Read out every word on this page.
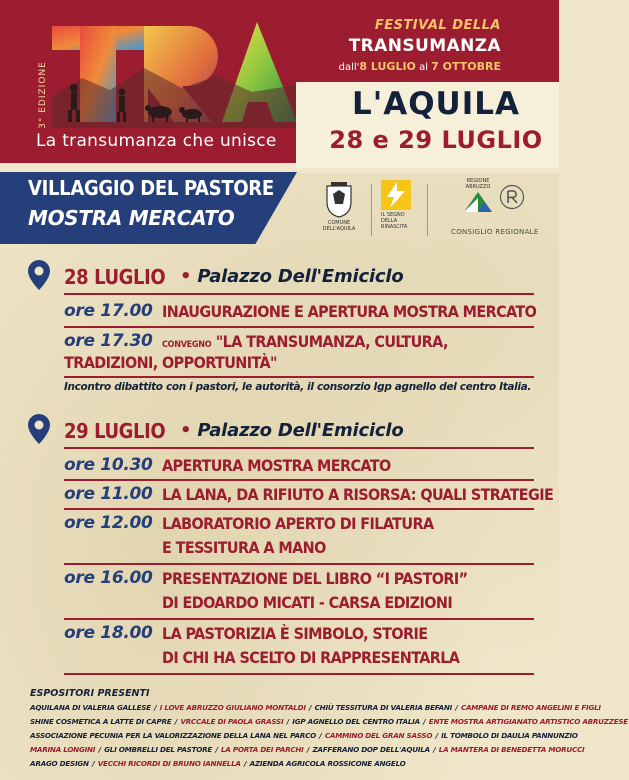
3° EDIZIONE
La transumanza che unisce
FESTIVAL DELLA
TRANSUMANZA
dall'8 LUGLIO al 7 OTTOBRE
L'AQUILA
28 e 29 LUGLIO
VILLAGGIO DEL PASTORE
MOSTRA MERCATO	COMUNE DELL'AQUILA
IL SEGNO
DELLA
RINASCITA
REGIONE
ABRUZZO
CONSIGLIO REGIONALE
28 LUGLIO • Palazzo Dell'Emiciclo
ore 17.00 INAUGURAZIONE E APERTURA MOSTRA MERCATO
ore 17.30 CONVEGNO "LA TRANSUMANZA, CULTURA,
TRADIZIONI, OPPORTUNITÀ"
Incontro dibattito con i pastori, le autorità, il consorzio Igp agnello del centro Italia.
29 LUGLIO • Palazzo Dell'Emiciclo
ore 10.30 APERTURA MOSTRA MERCATO
ore 11.00 LA LANA, DA RIFIUTO A RISORSA: QUALI STRATEGIE
ore 12.00 LABORATORIO APERTO DI FILATURA
E TESSITURA A MANO
ore 16.00 PRESENTAZIONE DEL LIBRO “I PASTORI”
DI EDOARDO MICATI - CARSA EDIZIONI
ore 18.00 LA PASTORIZIA È SIMBOLO, STORIE
DI CHI HA SCELTO DI RAPPRESENTARLA
ESPOSITORI PRESENTI
AQUILANA DI VALERIA GALLESE / I LOVE ABRUZZO GIULIANO MONTALDI / CHIÙ TESSITURA DI VALERIA BEFANI / CAMPANE DI REMO ANGELINI E FIGLI
SHINE COSMETICA A LATTE DI CAPRE / VRCCALE DI PAOLA GRASSI / IGP AGNELLO DEL CENTRO ITALIA / ENTE MOSTRA ARTIGIANATO ARTISTICO ABRUZZESE
ASSOCIAZIONE PECUNIA PER LA VALORIZZAZIONE DELLA LANA NEL PARCO / CAMMINO DEL GRAN SASSO / IL TOMBOLO DI DAULIA PANNUNZIO
MARINA LONGINI / GLI OMBRELLI DEL PASTORE / LA PORTA DEI PARCHI / ZAFFERANO DOP DELL'AQUILA / LA MANTERA DI BENEDETTA MORUCCI
ARAGO DESIGN / VECCHI RICORDI DI BRUNO IANNELLA / AZIENDA AGRICOLA ROSSICONE ANGELO
